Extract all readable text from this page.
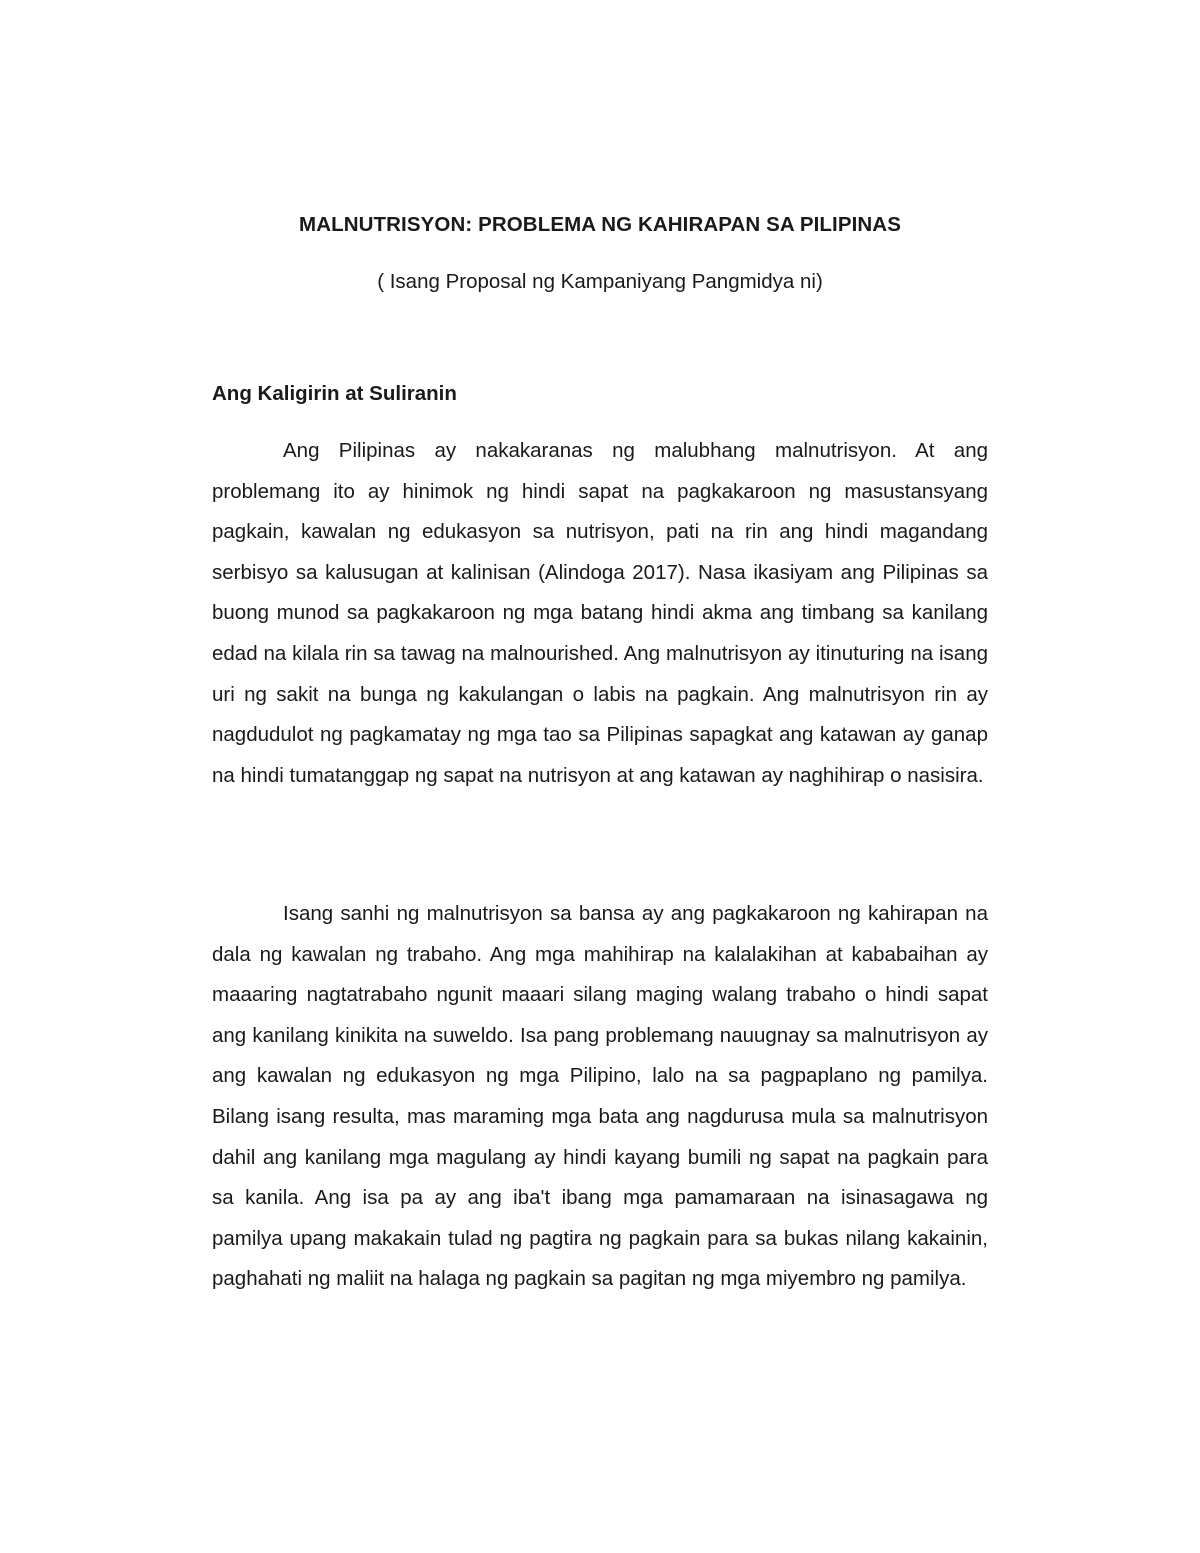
MALNUTRISYON: PROBLEMA NG KAHIRAPAN SA PILIPINAS
( Isang Proposal ng Kampaniyang Pangmidya ni)
Ang Kaligirin at Suliranin

Ang Pilipinas ay nakakaranas ng malubhang malnutrisyon. At ang problemang ito ay hinimok ng hindi sapat na pagkakaroon ng masustansyang pagkain, kawalan ng edukasyon sa nutrisyon, pati na rin ang hindi magandang serbisyo sa kalusugan at kalinisan (Alindoga 2017). Nasa ikasiyam ang Pilipinas sa buong munod sa pagkakaroon ng mga batang hindi akma ang timbang sa kanilang edad na kilala rin sa tawag na malnourished. Ang malnutrisyon ay itinuturing na isang uri ng sakit na bunga ng kakulangan o labis na pagkain. Ang malnutrisyon rin ay nagdudulot ng pagkamatay ng mga tao sa Pilipinas sapagkat ang katawan ay ganap na hindi tumatanggap ng sapat na nutrisyon at ang katawan ay naghihirap o nasisira.

Isang sanhi ng malnutrisyon sa bansa ay ang pagkakaroon ng kahirapan na dala ng kawalan ng trabaho. Ang mga mahihirap na kalalakihan at kababaihan ay maaaring nagtatrabaho ngunit maaari silang maging walang trabaho o hindi sapat ang kanilang kinikita na suweldo. Isa pang problemang nauugnay sa malnutrisyon ay ang kawalan ng edukasyon ng mga Pilipino, lalo na sa pagpaplano ng pamilya. Bilang isang resulta, mas maraming mga bata ang nagdurusa mula sa malnutrisyon dahil ang kanilang mga magulang ay hindi kayang bumili ng sapat na pagkain para sa kanila. Ang isa pa ay ang iba't ibang mga pamamaraan na isinasagawa ng pamilya upang makakain tulad ng pagtira ng pagkain para sa bukas nilang kakainin, paghahati ng maliit na halaga ng pagkain sa pagitan ng mga miyembro ng pamilya.
